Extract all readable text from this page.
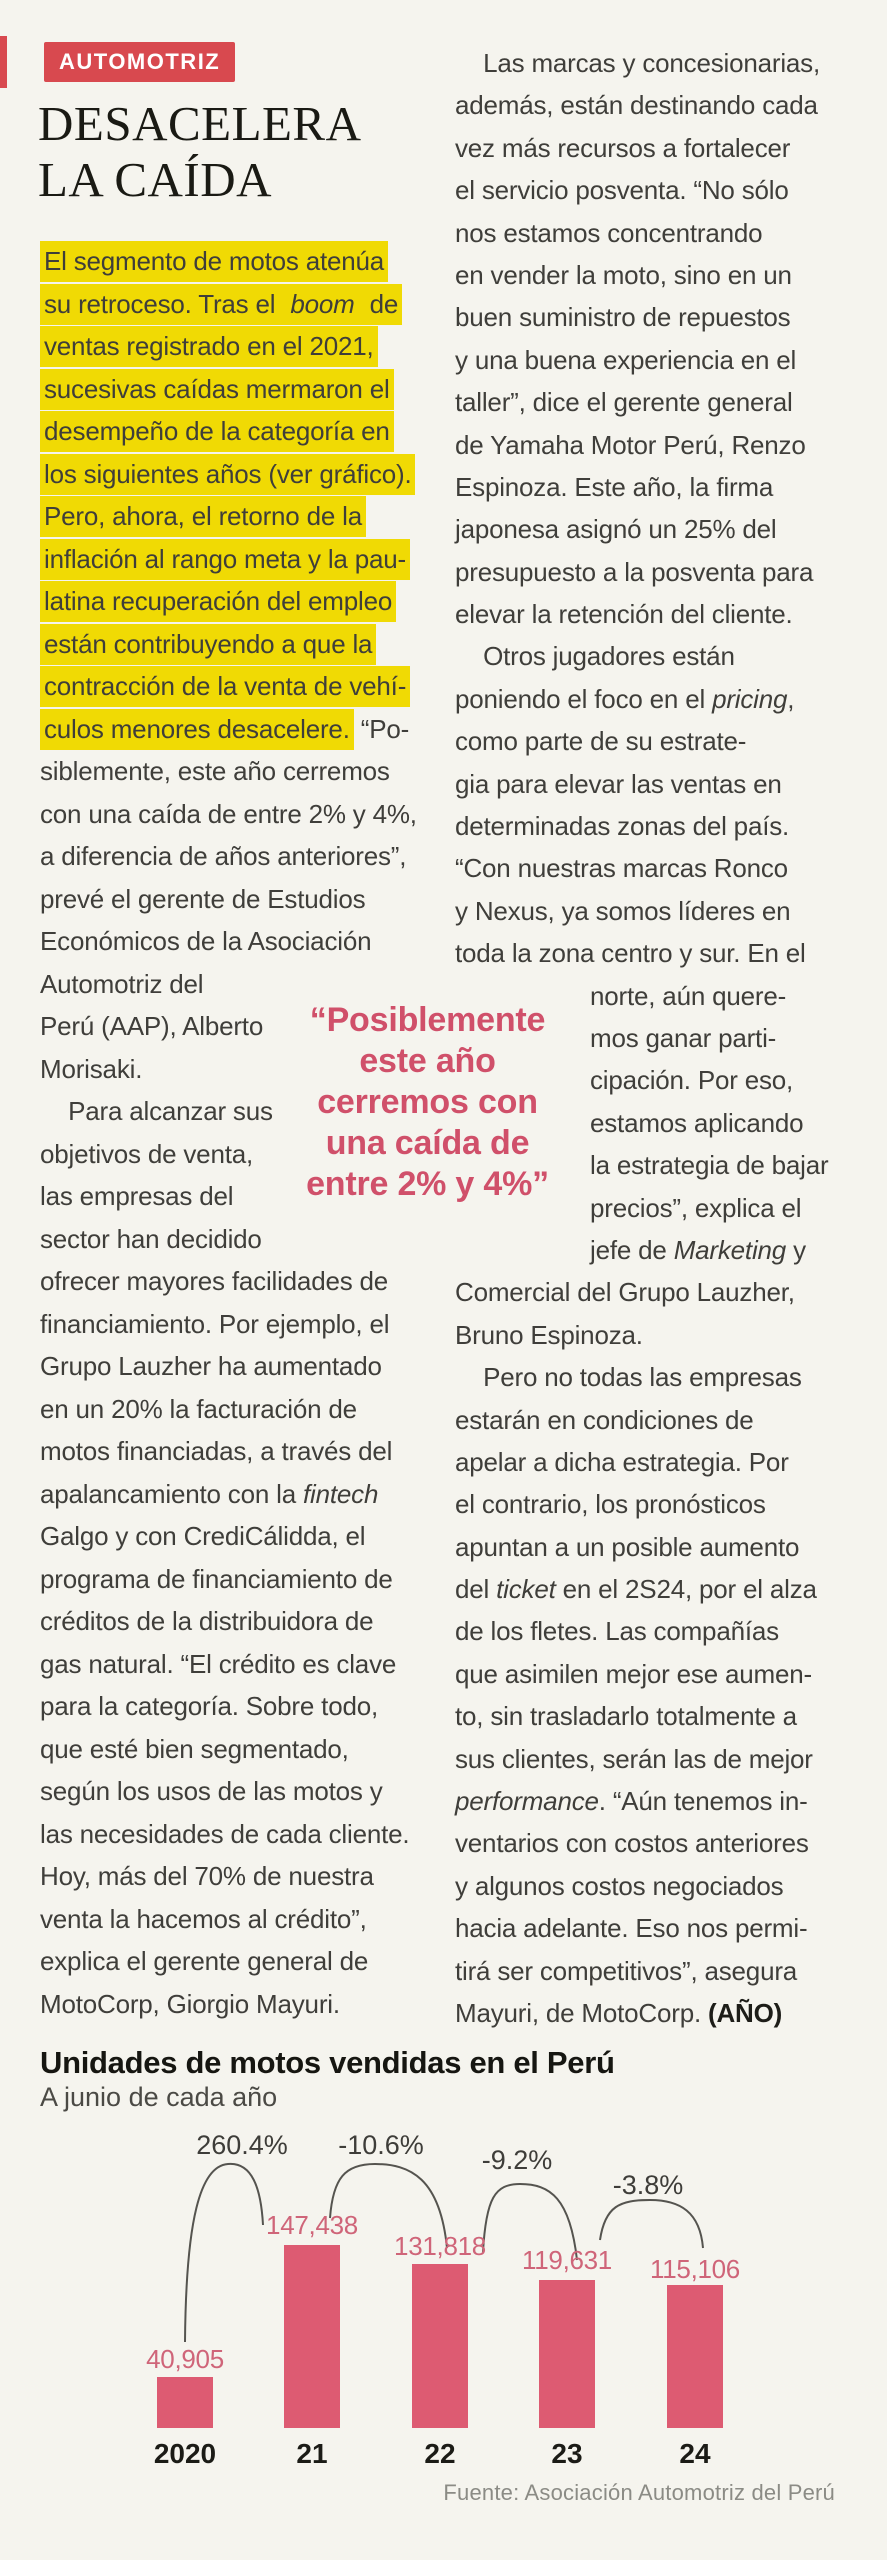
AUTOMOTRIZ
DESACELERA
LA CAÍDA
El segmento de motos atenúa
su retroceso. Tras el boom de
ventas registrado en el 2021,
sucesivas caídas mermaron el
desempeño de la categoría en
los siguientes años (ver gráfico).
Pero, ahora, el retorno de la
inflación al rango meta y la pau-
latina recuperación del empleo
están contribuyendo a que la
contracción de la venta de vehí-
culos menores desacelere. “Po-
siblemente, este año cerremos
con una caída de entre 2% y 4%,
a diferencia de años anteriores”,
prevé el gerente de Estudios
Económicos de la Asociación
Automotriz del
Perú (AAP), Alberto
Morisaki.
Para alcanzar sus
objetivos de venta,
las empresas del
sector han decidido
ofrecer mayores facilidades de
financiamiento. Por ejemplo, el
Grupo Lauzher ha aumentado
en un 20% la facturación de
motos financiadas, a través del
apalancamiento con la fintech
Galgo y con CrediCálidda, el
programa de financiamiento de
créditos de la distribuidora de
gas natural. “El crédito es clave
para la categoría. Sobre todo,
que esté bien segmentado,
según los usos de las motos y
las necesidades de cada cliente.
Hoy, más del 70% de nuestra
venta la hacemos al crédito”,
explica el gerente general de
MotoCorp, Giorgio Mayuri.
Las marcas y concesionarias,
además, están destinando cada
vez más recursos a fortalecer
el servicio posventa. “No sólo
nos estamos concentrando
en vender la moto, sino en un
buen suministro de repuestos
y una buena experiencia en el
taller”, dice el gerente general
de Yamaha Motor Perú, Renzo
Espinoza. Este año, la firma
japonesa asignó un 25% del
presupuesto a la posventa para
elevar la retención del cliente.
Otros jugadores están
poniendo el foco en el pricing,
como parte de su estrate-
gia para elevar las ventas en
determinadas zonas del país.
“Con nuestras marcas Ronco
y Nexus, ya somos líderes en
toda la zona centro y sur. En el
norte, aún quere-
mos ganar parti-
cipación. Por eso,
estamos aplicando
la estrategia de bajar
precios”, explica el
jefe de Marketing y
Comercial del Grupo Lauzher,
Bruno Espinoza.
Pero no todas las empresas
estarán en condiciones de
apelar a dicha estrategia. Por
el contrario, los pronósticos
apuntan a un posible aumento
del ticket en el 2S24, por el alza
de los fletes. Las compañías
que asimilen mejor ese aumen-
to, sin trasladarlo totalmente a
sus clientes, serán las de mejor
performance. “Aún tenemos in-
ventarios con costos anteriores
y algunos costos negociados
hacia adelante. Eso nos permi-
tirá ser competitivos”, asegura
Mayuri, de MotoCorp. (AÑO)
“Posiblemente
este año
cerremos con
una caída de
entre 2% y 4%”
Unidades de motos vendidas en el Perú
A junio de cada año
260.4%	-10.6%	-9.2%
-3.8%
40,905
147,438
131,818	119,631	115,106
2020	21	22	23	24
Fuente: Asociación Automotriz del Perú
